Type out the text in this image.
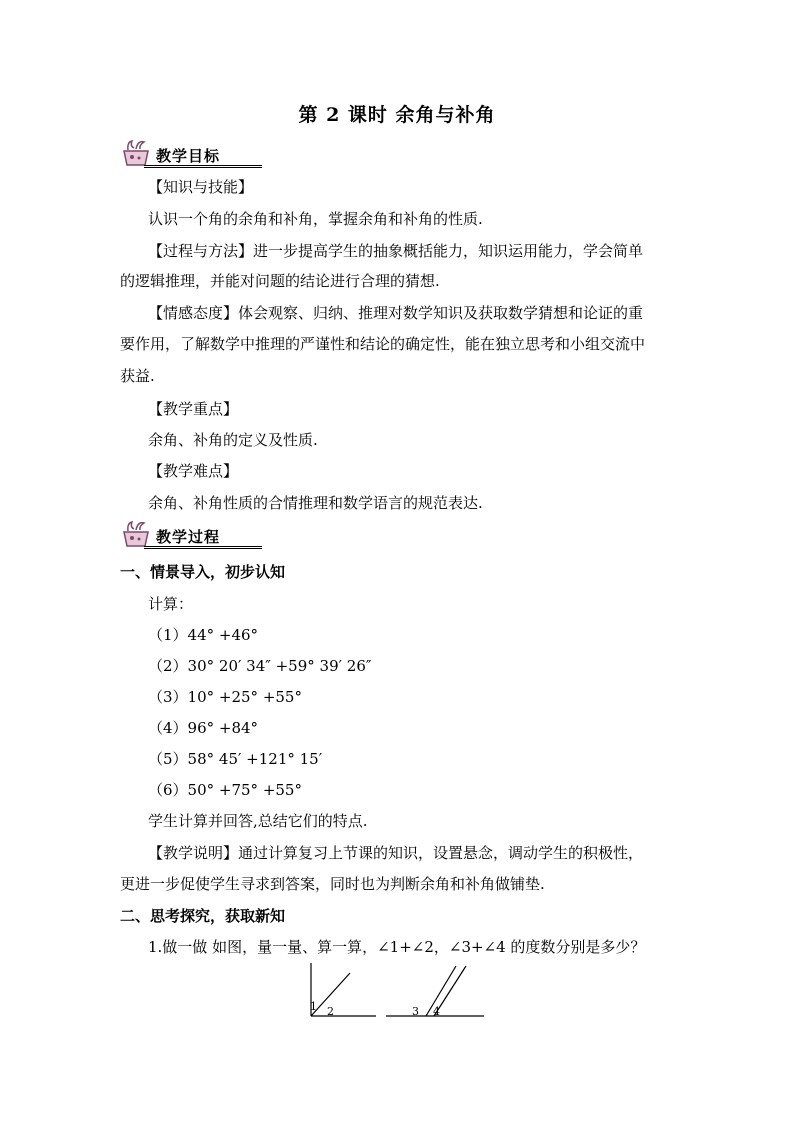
第 2 课时 余角与补角
教学目标
【知识与技能】
认识一个角的余角和补角，掌握余角和补角的性质.
【过程与方法】进一步提高学生的抽象概括能力，知识运用能力，学会简单
的逻辑推理，并能对问题的结论进行合理的猜想.
【情感态度】体会观察、归纳、推理对数学知识及获取数学猜想和论证的重
要作用，了解数学中推理的严谨性和结论的确定性，能在独立思考和小组交流中
获益.
【教学重点】
余角、补角的定义及性质.
【教学难点】
余角、补角性质的合情推理和数学语言的规范表达.
教学过程
一、情景导入，初步认知
计算：
（1）44° +46°
（2）30° 20′ 34″ +59° 39′ 26″
（3）10° +25° +55°
（4）96° +84°
（5）58° 45′ +121° 15′
（6）50° +75° +55°
学生计算并回答,总结它们的特点.
【教学说明】通过计算复习上节课的知识，设置悬念，调动学生的积极性，
更进一步促使学生寻求到答案，同时也为判断余角和补角做铺垫.
二、思考探究，获取新知
1.做一做 如图，量一量、算一算，∠1+∠2，∠3+∠4 的度数分别是多少？
1 2	3 4
